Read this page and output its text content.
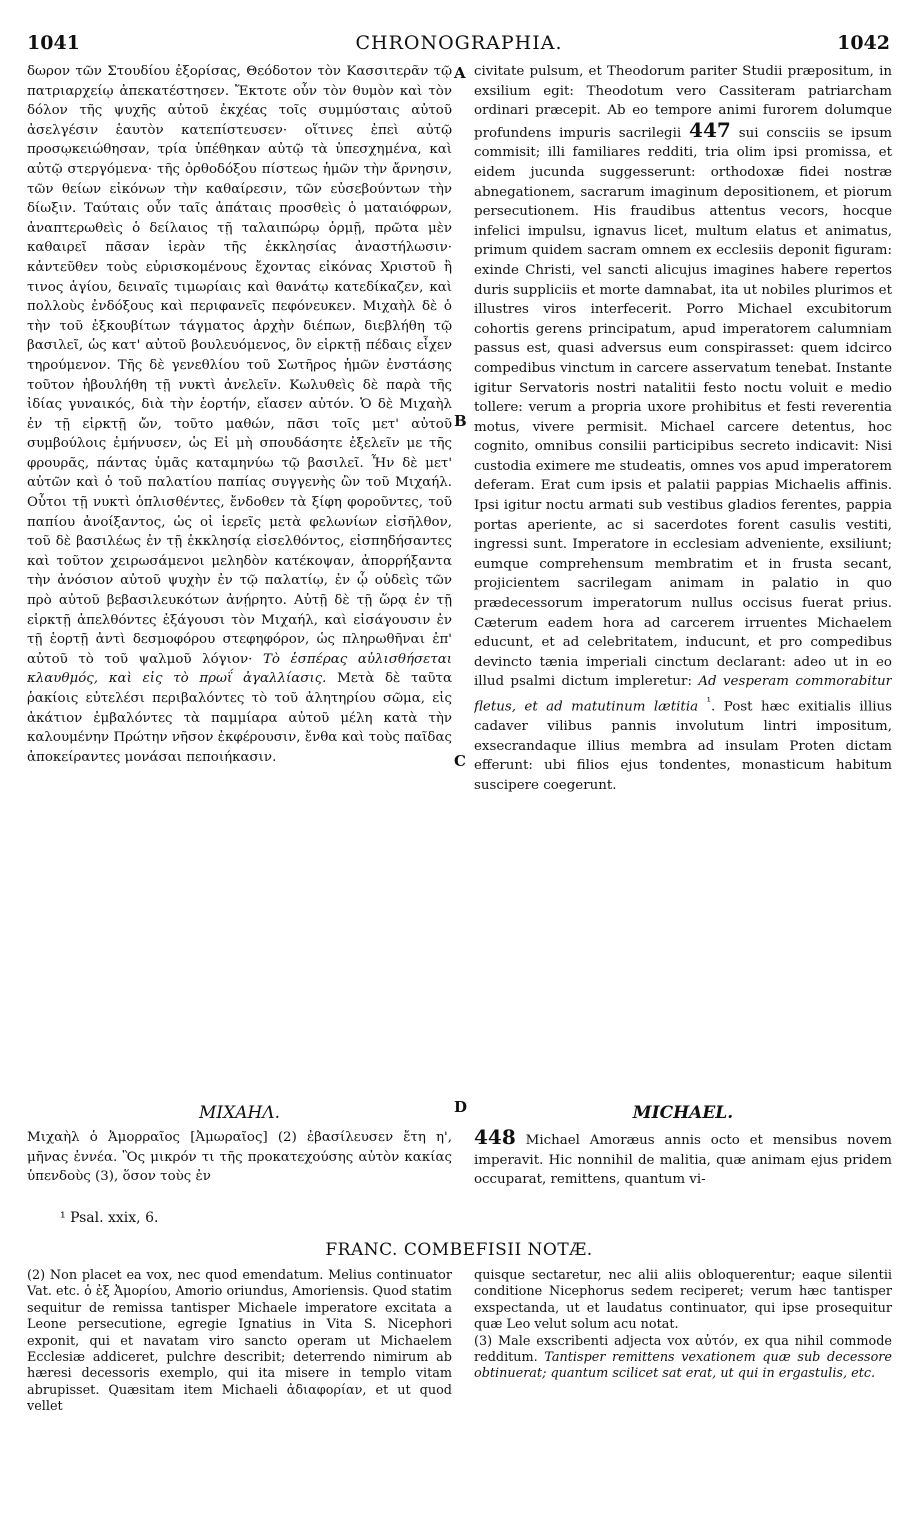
1041	CHRONOGRAPHIA.	1042
δωρον τῶν Στουδίου ἐξορίσας, Θεόδοτον τὸν Κασσιτερᾶν τῷ πατριαρχείῳ ἀπεκατέστησεν. Ἔκτοτε οὖν τὸν θυμὸν καὶ τὸν δόλον τῆς ψυχῆς αὐτοῦ ἐκχέας τοῖς συμμύσταις αὐτοῦ ἀσελγέσιν ἑαυτὸν κατεπίστευσεν· οἵτινες ἐπεὶ αὐτῷ προσῳκειώθησαν, τρία ὑπέθηκαν αὐτῷ τὰ ὑπεσχημένα, καὶ αὐτῷ στεργόμενα· τῆς ὀρθοδόξου πίστεως ἡμῶν τὴν ἄρνησιν, τῶν θείων εἰκόνων τὴν καθαίρεσιν, τῶν εὐσεβούντων τὴν δίωξιν. Ταύταις οὖν ταῖς ἀπάταις προσθεὶς ὁ ματαιόφρων, ἀναπτερωθεὶς ὁ δείλαιος τῇ ταλαιπώρῳ ὁρμῇ, πρῶτα μὲν καθαιρεῖ πᾶσαν ἱερὰν τῆς ἐκκλησίας ἀναστήλωσιν· κἀντεῦθεν τοὺς εὑρισκομένους ἔχοντας εἰκόνας Χριστοῦ ἢ τινος ἁγίου, δειναῖς τιμωρίαις καὶ θανάτῳ κατεδίκαζεν, καὶ πολλοὺς ἐνδόξους καὶ περιφανεῖς πεφόνευκεν. Μιχαὴλ δὲ ὁ τὴν τοῦ ἐξκουβίτων τάγματος ἀρχὴν διέπων, διεβλήθη τῷ βασιλεῖ, ὡς κατ' αὐτοῦ βουλευόμενος, ὃν εἱρκτῇ πέδαις εἶχεν τηρούμενον. Τῆς δὲ γενεθλίου τοῦ Σωτῆρος ἡμῶν ἐνστάσης τοῦτον ἠβουλήθη τῇ νυκτὶ ἀνελεῖν. Κωλυθεὶς δὲ παρὰ τῆς ἰδίας γυναικός, διὰ τὴν ἑορτήν, εἴασεν αὐτόν. Ὁ δὲ Μιχαὴλ ἐν τῇ εἱρκτῇ ὤν, τοῦτο μαθών, πᾶσι τοῖς μετ' αὐτοῦ συμβούλοις ἐμήνυσεν, ὡς Εἰ μὴ σπουδάσητε ἐξελεῖν με τῆς φρουρᾶς, πάντας ὑμᾶς καταμηνύω τῷ βασιλεῖ. Ἦν δὲ μετ' αὐτῶν καὶ ὁ τοῦ παλατίου παπίας συγγενὴς ὢν τοῦ Μιχαήλ. Οὗτοι τῇ νυκτὶ ὁπλισθέντες, ἔνδοθεν τὰ ξίφη φοροῦντες, τοῦ παπίου ἀνοίξαντος, ὡς οἱ ἱερεῖς μετὰ φελωνίων εἰσῆλθον, τοῦ δὲ βασιλέως ἐν τῇ ἐκκλησίᾳ εἰσελθόντος, εἰσπηδήσαντες καὶ τοῦτον χειρωσάμενοι μεληδὸν κατέκοψαν, ἀπορρήξαντα τὴν ἀνόσιον αὐτοῦ ψυχὴν ἐν τῷ παλατίῳ, ἐν ᾧ οὐδεὶς τῶν πρὸ αὐτοῦ βεβασιλευκότων ἀνῄρητο. Αὐτῇ δὲ τῇ ὥρᾳ ἐν τῇ εἱρκτῇ ἀπελθόντες ἐξάγουσι τὸν Μιχαήλ, καὶ εἰσάγουσιν ἐν τῇ ἑορτῇ ἀντὶ δεσμοφόρου στεφηφόρον, ὡς πληρωθῆναι ἐπ' αὐτοῦ τὸ τοῦ ψαλμοῦ λόγιον· Τὸ ἑσπέρας αὐλισθήσεται κλαυθμός, καὶ εἰς τὸ πρωΐ ἀγαλλίασις. Μετὰ δὲ ταῦτα ῥακίοις εὐτελέσι περιβαλόντες τὸ τοῦ ἀλητηρίου σῶμα, εἰς ἀκάτιον ἐμβαλόντες τὰ παμμίαρα αὐτοῦ μέλη κατὰ τὴν καλουμένην Πρώτην νῆσον ἐκφέρουσιν, ἔνθα καὶ τοὺς παῖδας ἀποκείραντες μονάσαι πεποιήκασιν.
civitate pulsum, et Theodorum pariter Studii præpositum, in exsilium egit: Theodotum vero Cassiteram patriarcham ordinari præcepit. Ab eo tempore animi furorem dolumque profundens impuris sacrilegii 447 sui consciis se ipsum commisit; illi familiares redditi, tria olim ipsi promissa, et eidem jucunda suggesserunt: orthodoxæ fidei nostræ abnegationem, sacrarum imaginum depositionem, et piorum persecutionem. His fraudibus attentus vecors, hocque infelici impulsu, ignavus licet, multum elatus et animatus, primum quidem sacram omnem ex ecclesiis deponit figuram: exinde Christi, vel sancti alicujus imagines habere repertos duris suppliciis et morte damnabat, ita ut nobiles plurimos et illustres viros interfecerit. Porro Michael excubitorum cohortis gerens principatum, apud imperatorem calumniam passus est, quasi adversus eum conspirasset: quem idcirco compedibus vinctum in carcere asservatum tenebat. Instante igitur Servatoris nostri natalitii festo noctu voluit e medio tollere: verum a propria uxore prohibitus et festi reverentia motus, vivere permisit. Michael carcere detentus, hoc cognito, omnibus consilii participibus secreto indicavit: Nisi custodia eximere me studeatis, omnes vos apud imperatorem deferam. Erat cum ipsis et palatii pappias Michaelis affinis. Ipsi igitur noctu armati sub vestibus gladios ferentes, pappia portas aperiente, ac si sacerdotes forent casulis vestiti, ingressi sunt. Imperatore in ecclesiam adveniente, exsiliunt; eumque comprehensum membratim et in frusta secant, projicientem sacrilegam animam in palatio in quo prædecessorum imperatorum nullus occisus fuerat prius. Cæterum eadem hora ad carcerem irruentes Michaelem educunt, et ad celebritatem, inducunt, et pro compedibus devincto tænia imperiali cinctum declarant: adeo ut in eo illud psalmi dictum impleretur: Ad vesperam commorabitur fletus, et ad matutinum lætitia $^{^1}$. Post hæc exitialis illius cadaver vilibus pannis involutum lintri impositum, exsecrandaque illius membra ad insulam Proten dictam efferunt: ubi filios ejus tondentes, monasticum habitum suscipere coegerunt.
A
B
C
D
ΜΙΧΑΗΛ.	MICHAEL.
Μιχαὴλ ὁ Ἀμορραῖος [Ἀμωραῖος] (2) ἐβασίλευσεν ἔτη η', μῆνας ἐννέα. Ὃς μικρόν τι τῆς προκατεχούσης αὐτὸν κακίας ὑπενδοὺς (3), ὅσον τοὺς ἐν
448 Michael Amoræus annis octo et mensibus novem imperavit. Hic nonnihil de malitia, quæ animam ejus pridem occuparat, remittens, quantum vi-
¹ Psal. xxix, 6.
FRANC. COMBEFISII NOTÆ.
(2) Non placet ea vox, nec quod emendatum. Melius continuator Vat. etc. ὁ ἐξ Ἀμορίου, Amorio oriundus, Amoriensis. Quod statim sequitur de remissa tantisper Michaele imperatore excitata a Leone persecutione, egregie Ignatius in Vita S. Nicephori exponit, qui et navatam viro sancto operam ut Michaelem Ecclesiæ addiceret, pulchre describit; deterrendo nimirum ab hæresi decessoris exemplo, qui ita misere in templo vitam abrupisset. Quæsitam item Michaeli ἀδιαφορίαν, et ut quod vellet

quisque sectaretur, nec alii aliis obloquerentur; eaque silentii conditione Nicephorus sedem reciperet; verum hæc tantisper exspectanda, ut et laudatus continuator, qui ipse prosequitur quæ Leo velut solum acu notat.

(3) Male exscribenti adjecta vox αὐτόν, ex qua nihil commode redditum. Tantisper remittens vexationem quæ sub decessore obtinuerat; quantum scilicet sat erat, ut qui in ergastulis, etc.
